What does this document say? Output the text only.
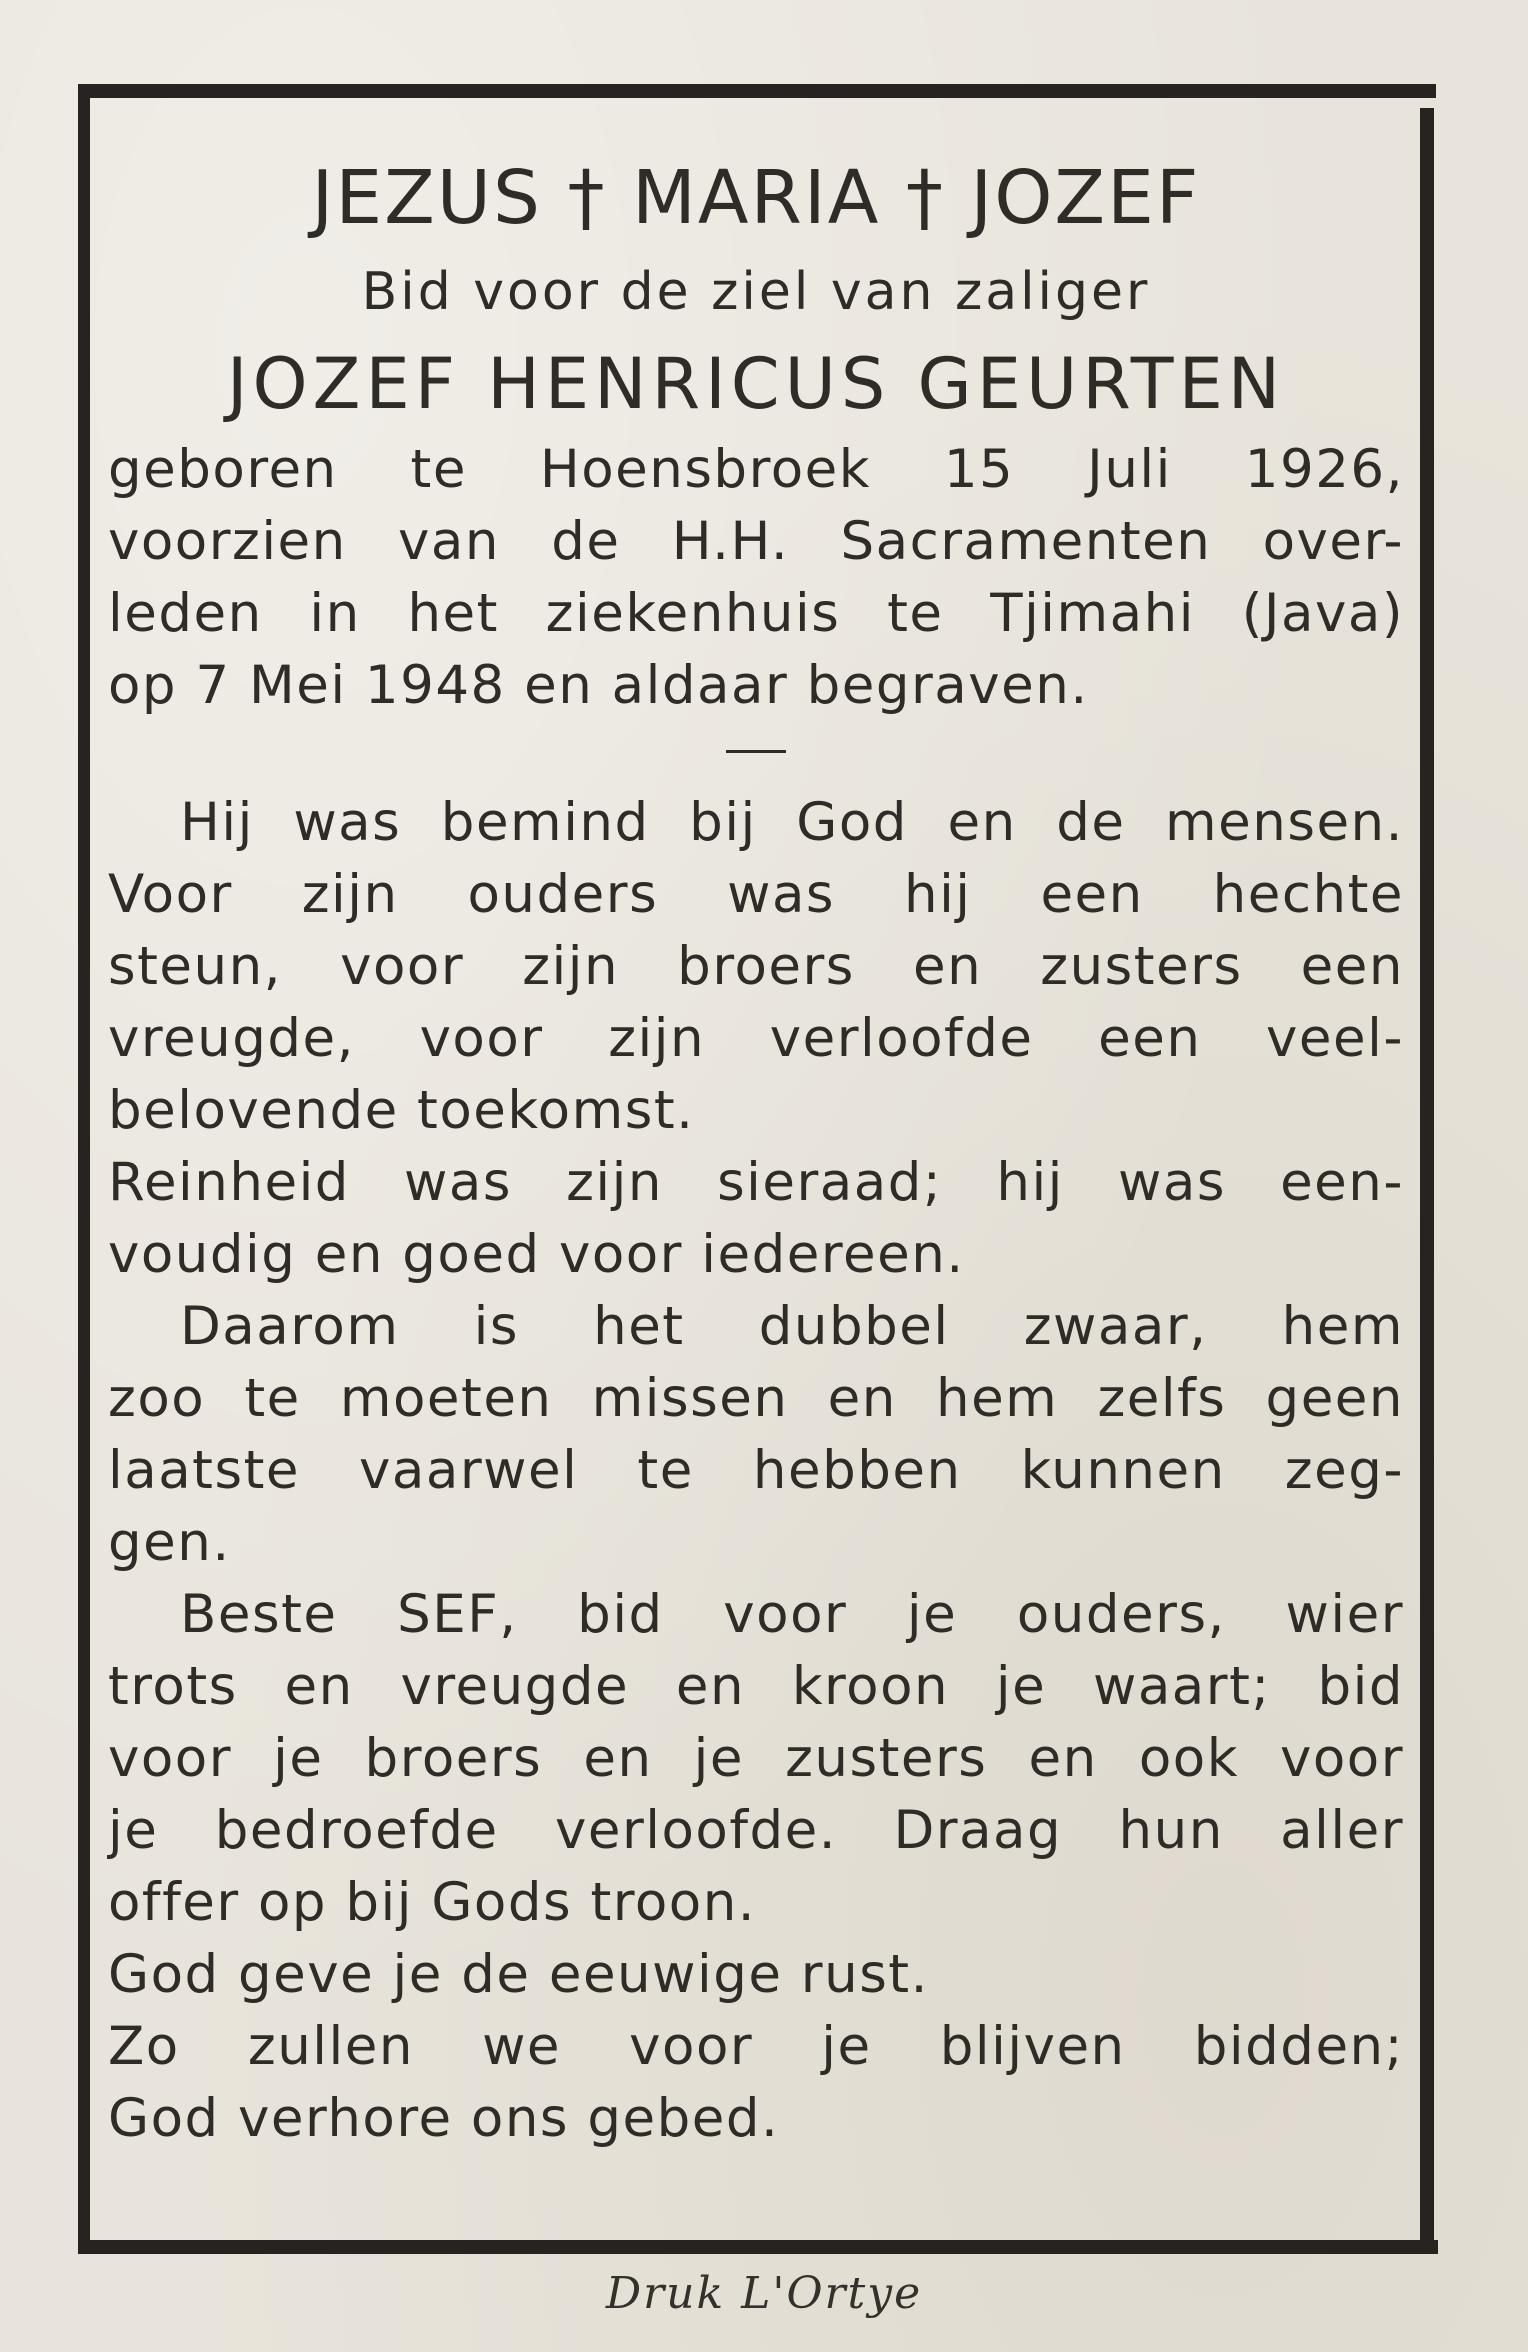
JEZUS † MARIA † JOZEF
Bid voor de ziel van zaliger
JOZEF HENRICUS GEURTEN
geboren te Hoensbroek 15 Juli 1926,
voorzien van de H.H. Sacramenten over-
leden in het ziekenhuis te Tjimahi (Java)
op 7 Mei 1948 en aldaar begraven.
Hij was bemind bij God en de mensen.
Voor zijn ouders was hij een hechte
steun, voor zijn broers en zusters een
vreugde, voor zijn verloofde een veel-
belovende toekomst.
Reinheid was zijn sieraad; hij was een-
voudig en goed voor iedereen.
Daarom is het dubbel zwaar, hem
zoo te moeten missen en hem zelfs geen
laatste vaarwel te hebben kunnen zeg-
gen.
Beste SEF, bid voor je ouders, wier
trots en vreugde en kroon je waart; bid
voor je broers en je zusters en ook voor
je bedroefde verloofde. Draag hun aller
offer op bij Gods troon.
God geve je de eeuwige rust.
Zo zullen we voor je blijven bidden;
God verhore ons gebed.
Druk L'Ortye
